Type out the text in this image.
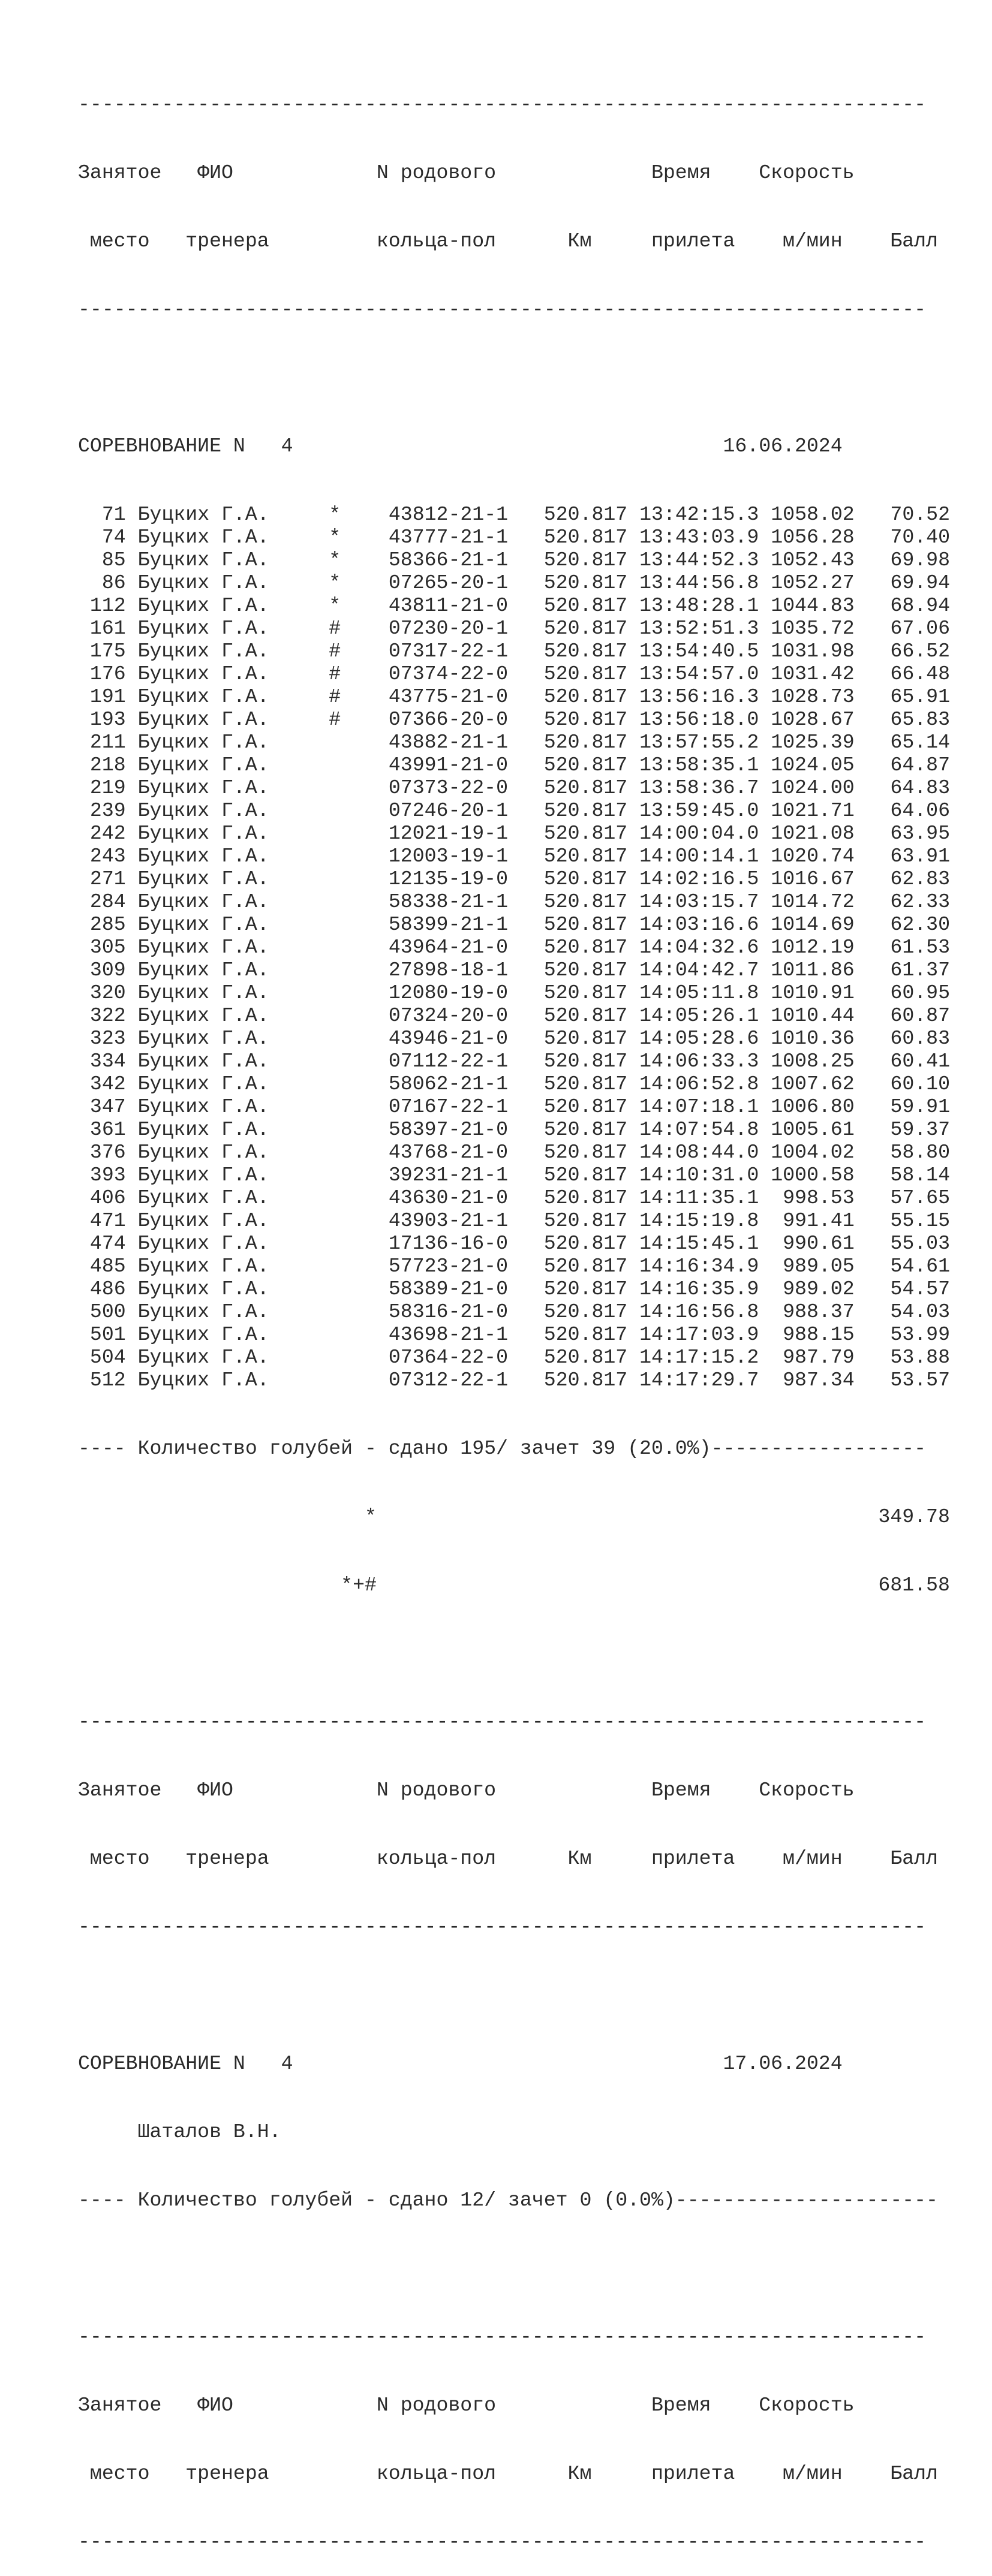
-----------------------------------------------------------------------

Занятое   ФИО            N родового             Время    Скорость

место   тренера         кольца-пол      Км     прилета    м/мин    Балл

-----------------------------------------------------------------------

СОРЕВНОВАНИЕ N   4	16.06.2024

71 Буцких Г.А.	* 43812-21-1 520.817 13:42:15.3 1058.02 70.52
74 Буцких Г.А.	* 43777-21-1 520.817 13:43:03.9 1056.28 70.40
85 Буцких Г.А.	* 58366-21-1 520.817 13:44:52.3 1052.43 69.98
86 Буцких Г.А.	* 07265-20-1 520.817 13:44:56.8 1052.27 69.94
112 Буцких Г.А.	* 43811-21-0 520.817 13:48:28.1 1044.83 68.94
161 Буцких Г.А.	# 07230-20-1 520.817 13:52:51.3 1035.72 67.06
175 Буцких Г.А.	# 07317-22-1 520.817 13:54:40.5 1031.98 66.52
176 Буцких Г.А.	# 07374-22-0 520.817 13:54:57.0 1031.42 66.48
191 Буцких Г.А.	# 43775-21-0 520.817 13:56:16.3 1028.73 65.91
193 Буцких Г.А.	# 07366-20-0 520.817 13:56:18.0 1028.67 65.83
211 Буцких Г.А.	43882-21-1 520.817 13:57:55.2 1025.39 65.14
218 Буцких Г.А.	43991-21-0 520.817 13:58:35.1 1024.05 64.87
219 Буцких Г.А.	07373-22-0 520.817 13:58:36.7 1024.00 64.83
239 Буцких Г.А.	07246-20-1 520.817 13:59:45.0 1021.71 64.06
242 Буцких Г.А.	12021-19-1 520.817 14:00:04.0 1021.08 63.95
243 Буцких Г.А.	12003-19-1 520.817 14:00:14.1 1020.74 63.91
271 Буцких Г.А.	12135-19-0 520.817 14:02:16.5 1016.67 62.83
284 Буцких Г.А.	58338-21-1 520.817 14:03:15.7 1014.72 62.33
285 Буцких Г.А.	58399-21-1 520.817 14:03:16.6 1014.69 62.30
305 Буцких Г.А.	43964-21-0 520.817 14:04:32.6 1012.19 61.53
309 Буцких Г.А.	27898-18-1 520.817 14:04:42.7 1011.86 61.37
320 Буцких Г.А.	12080-19-0 520.817 14:05:11.8 1010.91 60.95
322 Буцких Г.А.	07324-20-0 520.817 14:05:26.1 1010.44 60.87
323 Буцких Г.А.	43946-21-0 520.817 14:05:28.6 1010.36 60.83
334 Буцких Г.А.	07112-22-1 520.817 14:06:33.3 1008.25 60.41
342 Буцких Г.А.	58062-21-1 520.817 14:06:52.8 1007.62 60.10
347 Буцких Г.А.	07167-22-1 520.817 14:07:18.1 1006.80 59.91
361 Буцких Г.А.	58397-21-0 520.817 14:07:54.8 1005.61 59.37
376 Буцких Г.А.	43768-21-0 520.817 14:08:44.0 1004.02 58.80
393 Буцких Г.А.	39231-21-1 520.817 14:10:31.0 1000.58 58.14
406 Буцких Г.А.	43630-21-0 520.817 14:11:35.1 998.53 57.65
471 Буцких Г.А.	43903-21-1 520.817 14:15:19.8 991.41 55.15
474 Буцких Г.А.	17136-16-0 520.817 14:15:45.1 990.61 55.03
485 Буцких Г.А.	57723-21-0 520.817 14:16:34.9 989.05 54.61
486 Буцких Г.А.	58389-21-0 520.817 14:16:35.9 989.02 54.57
500 Буцких Г.А.	58316-21-0 520.817 14:16:56.8 988.37 54.03
501 Буцких Г.А.	43698-21-1 520.817 14:17:03.9 988.15 53.99
504 Буцких Г.А.	07364-22-0 520.817 14:17:15.2 987.79 53.88
512 Буцких Г.А.	07312-22-1 520.817 14:17:29.7 987.34 53.57

---- Количество голубей - сдано 195/ зачет 39 (20.0%)------------------

*	349.78

*+#	681.58

-----------------------------------------------------------------------

Занятое   ФИО            N родового             Время    Скорость

место   тренера         кольца-пол      Км     прилета    м/мин    Балл

-----------------------------------------------------------------------

СОРЕВНОВАНИЕ N   4	17.06.2024

Шаталов В.Н.

---- Количество голубей - сдано 12/ зачет 0 (0.0%)----------------------

-----------------------------------------------------------------------

Занятое   ФИО            N родового             Время    Скорость

место   тренера         кольца-пол      Км     прилета    м/мин    Балл

-----------------------------------------------------------------------
